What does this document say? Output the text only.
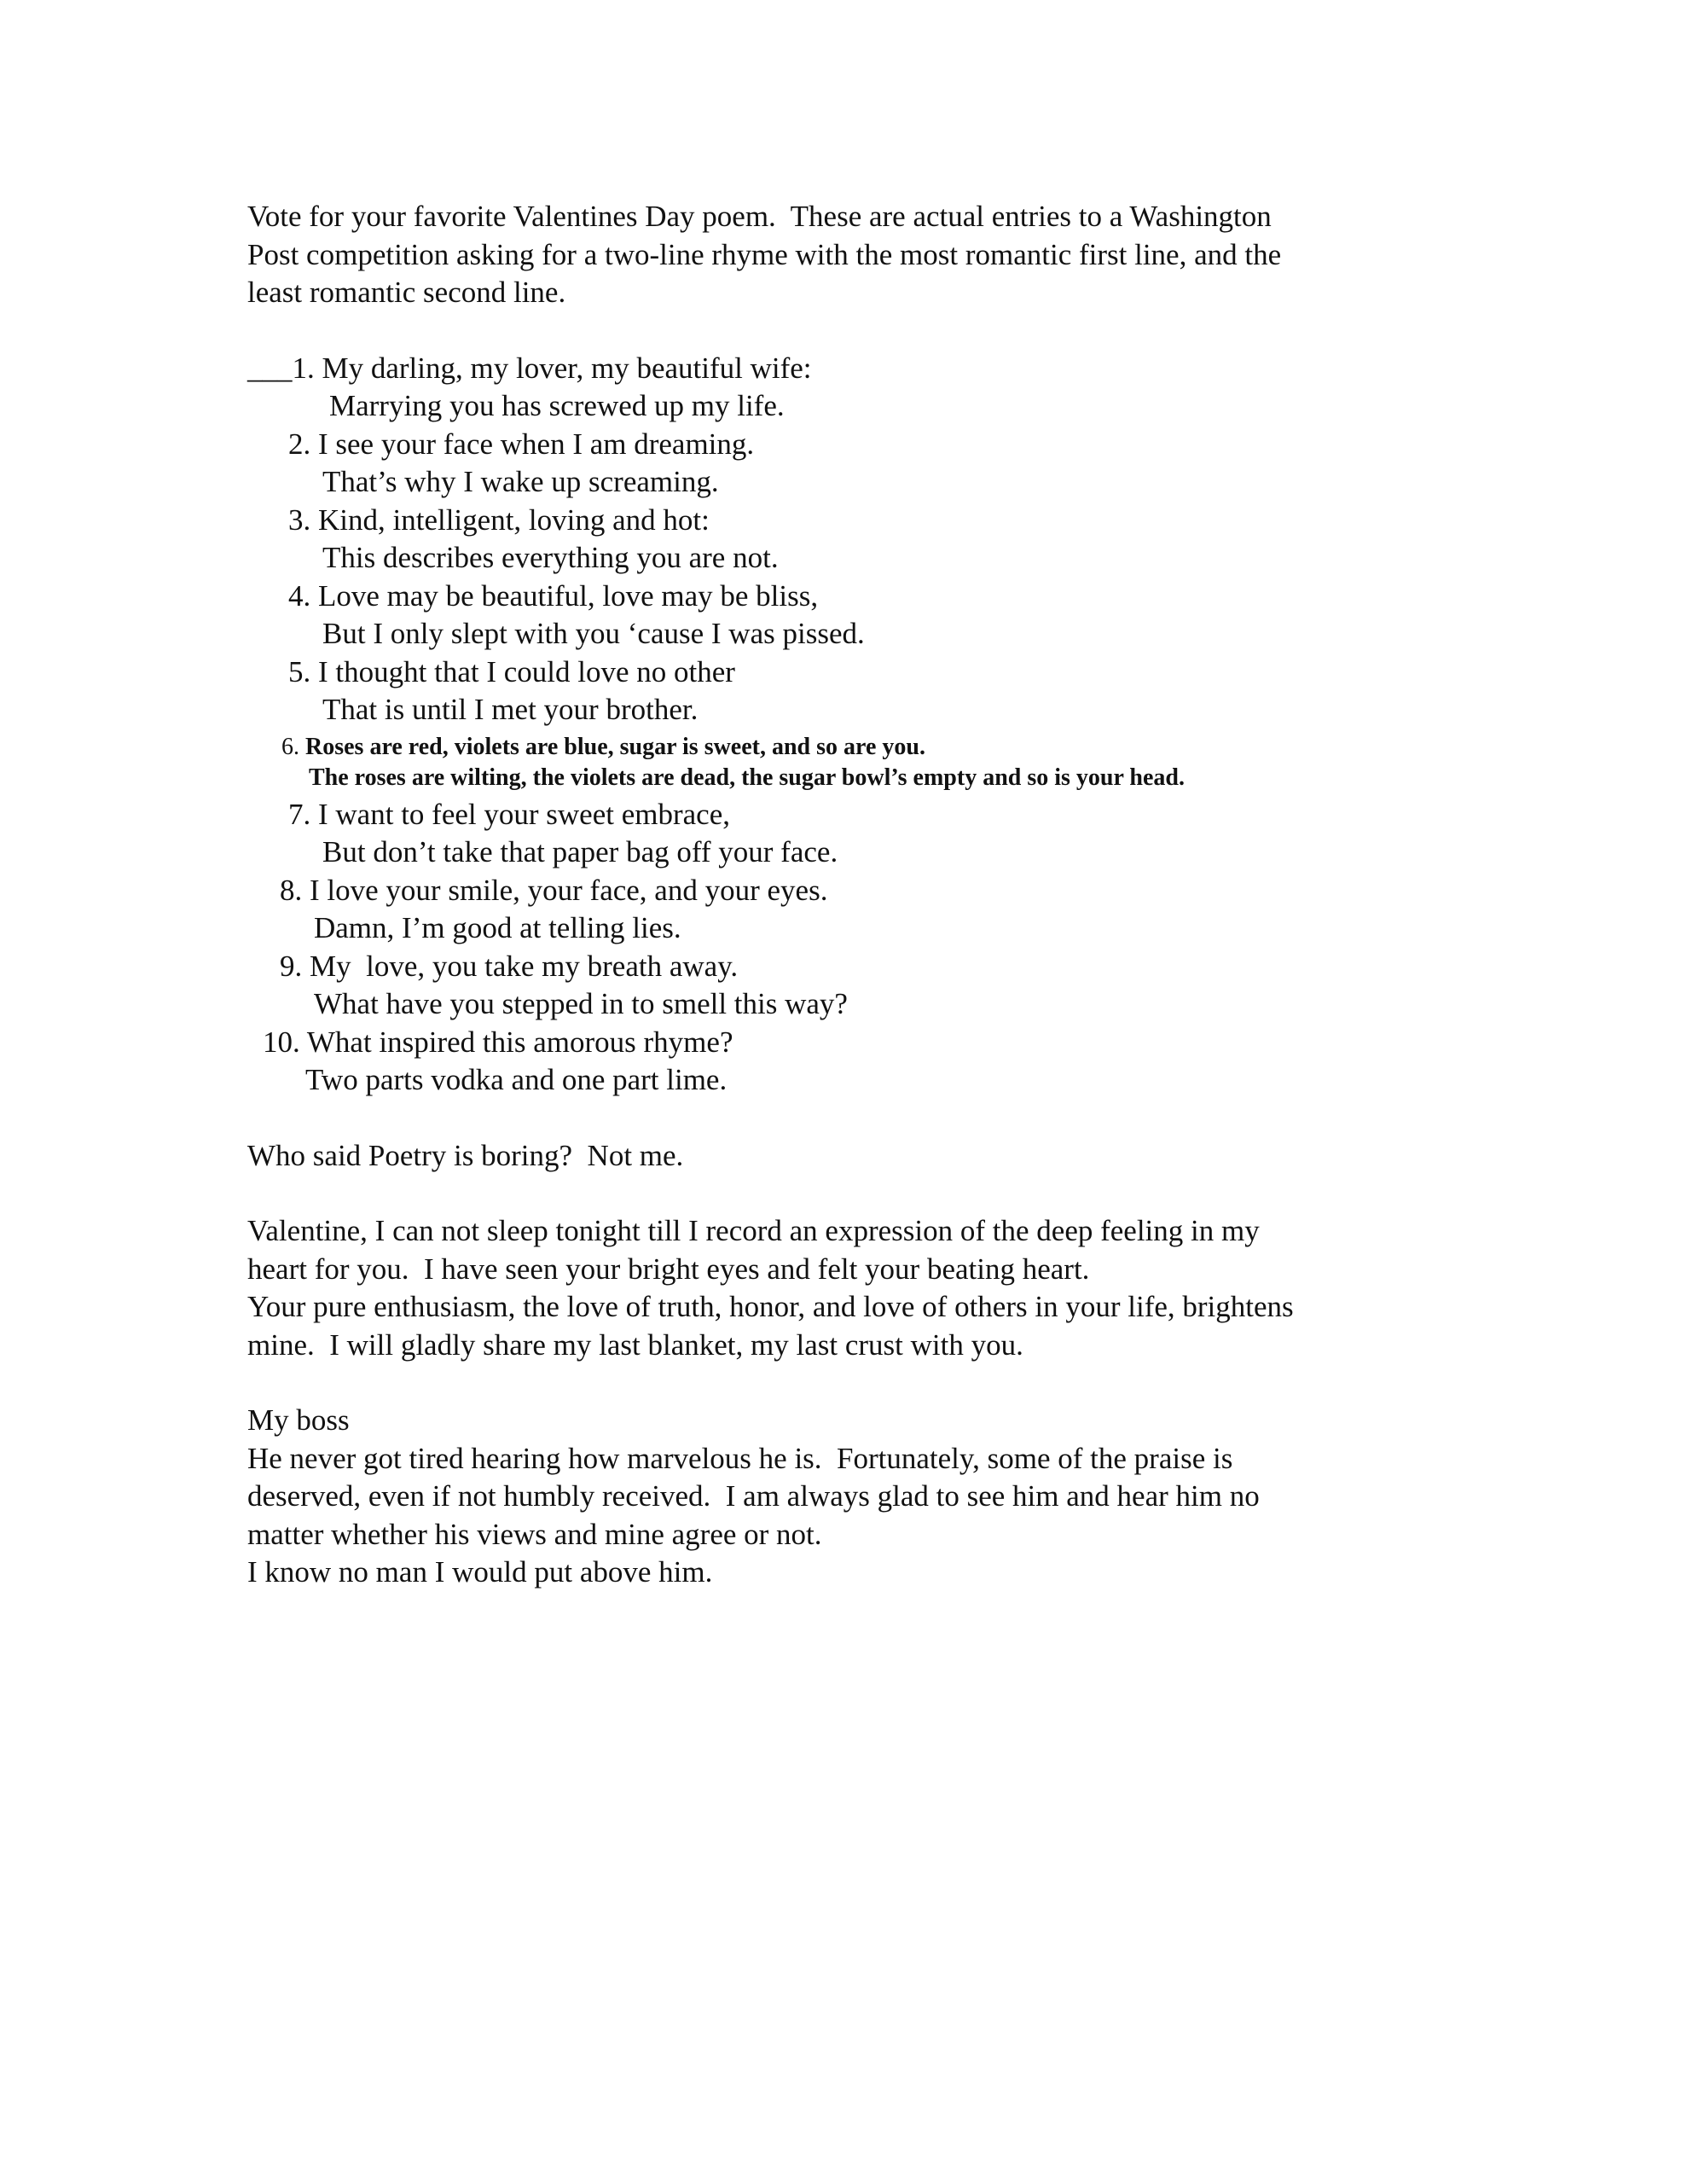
Vote for your favorite Valentines Day poem.  These are actual entries to a Washington
Post competition asking for a two-line rhyme with the most romantic first line, and the
least romantic second line.
___1. My darling, my lover, my beautiful wife:
Marrying you has screwed up my life.
2. I see your face when I am dreaming.
That’s why I wake up screaming.
3. Kind, intelligent, loving and hot:
This describes everything you are not.
4. Love may be beautiful, love may be bliss,
But I only slept with you ‘cause I was pissed.
5. I thought that I could love no other
That is until I met your brother.
6. Roses are red, violets are blue, sugar is sweet, and so are you.
The roses are wilting, the violets are dead, the sugar bowl’s empty and so is your head.
7. I want to feel your sweet embrace,
But don’t take that paper bag off your face.
8. I love your smile, your face, and your eyes.
Damn, I’m good at telling lies.
9. My  love, you take my breath away.
What have you stepped in to smell this way?
10. What inspired this amorous rhyme?
Two parts vodka and one part lime.
Who said Poetry is boring?  Not me.
Valentine, I can not sleep tonight till I record an expression of the deep feeling in my
heart for you.  I have seen your bright eyes and felt your beating heart.
Your pure enthusiasm, the love of truth, honor, and love of others in your life, brightens
mine.  I will gladly share my last blanket, my last crust with you.
My boss
He never got tired hearing how marvelous he is.  Fortunately, some of the praise is
deserved, even if not humbly received.  I am always glad to see him and hear him no
matter whether his views and mine agree or not.
I know no man I would put above him.
